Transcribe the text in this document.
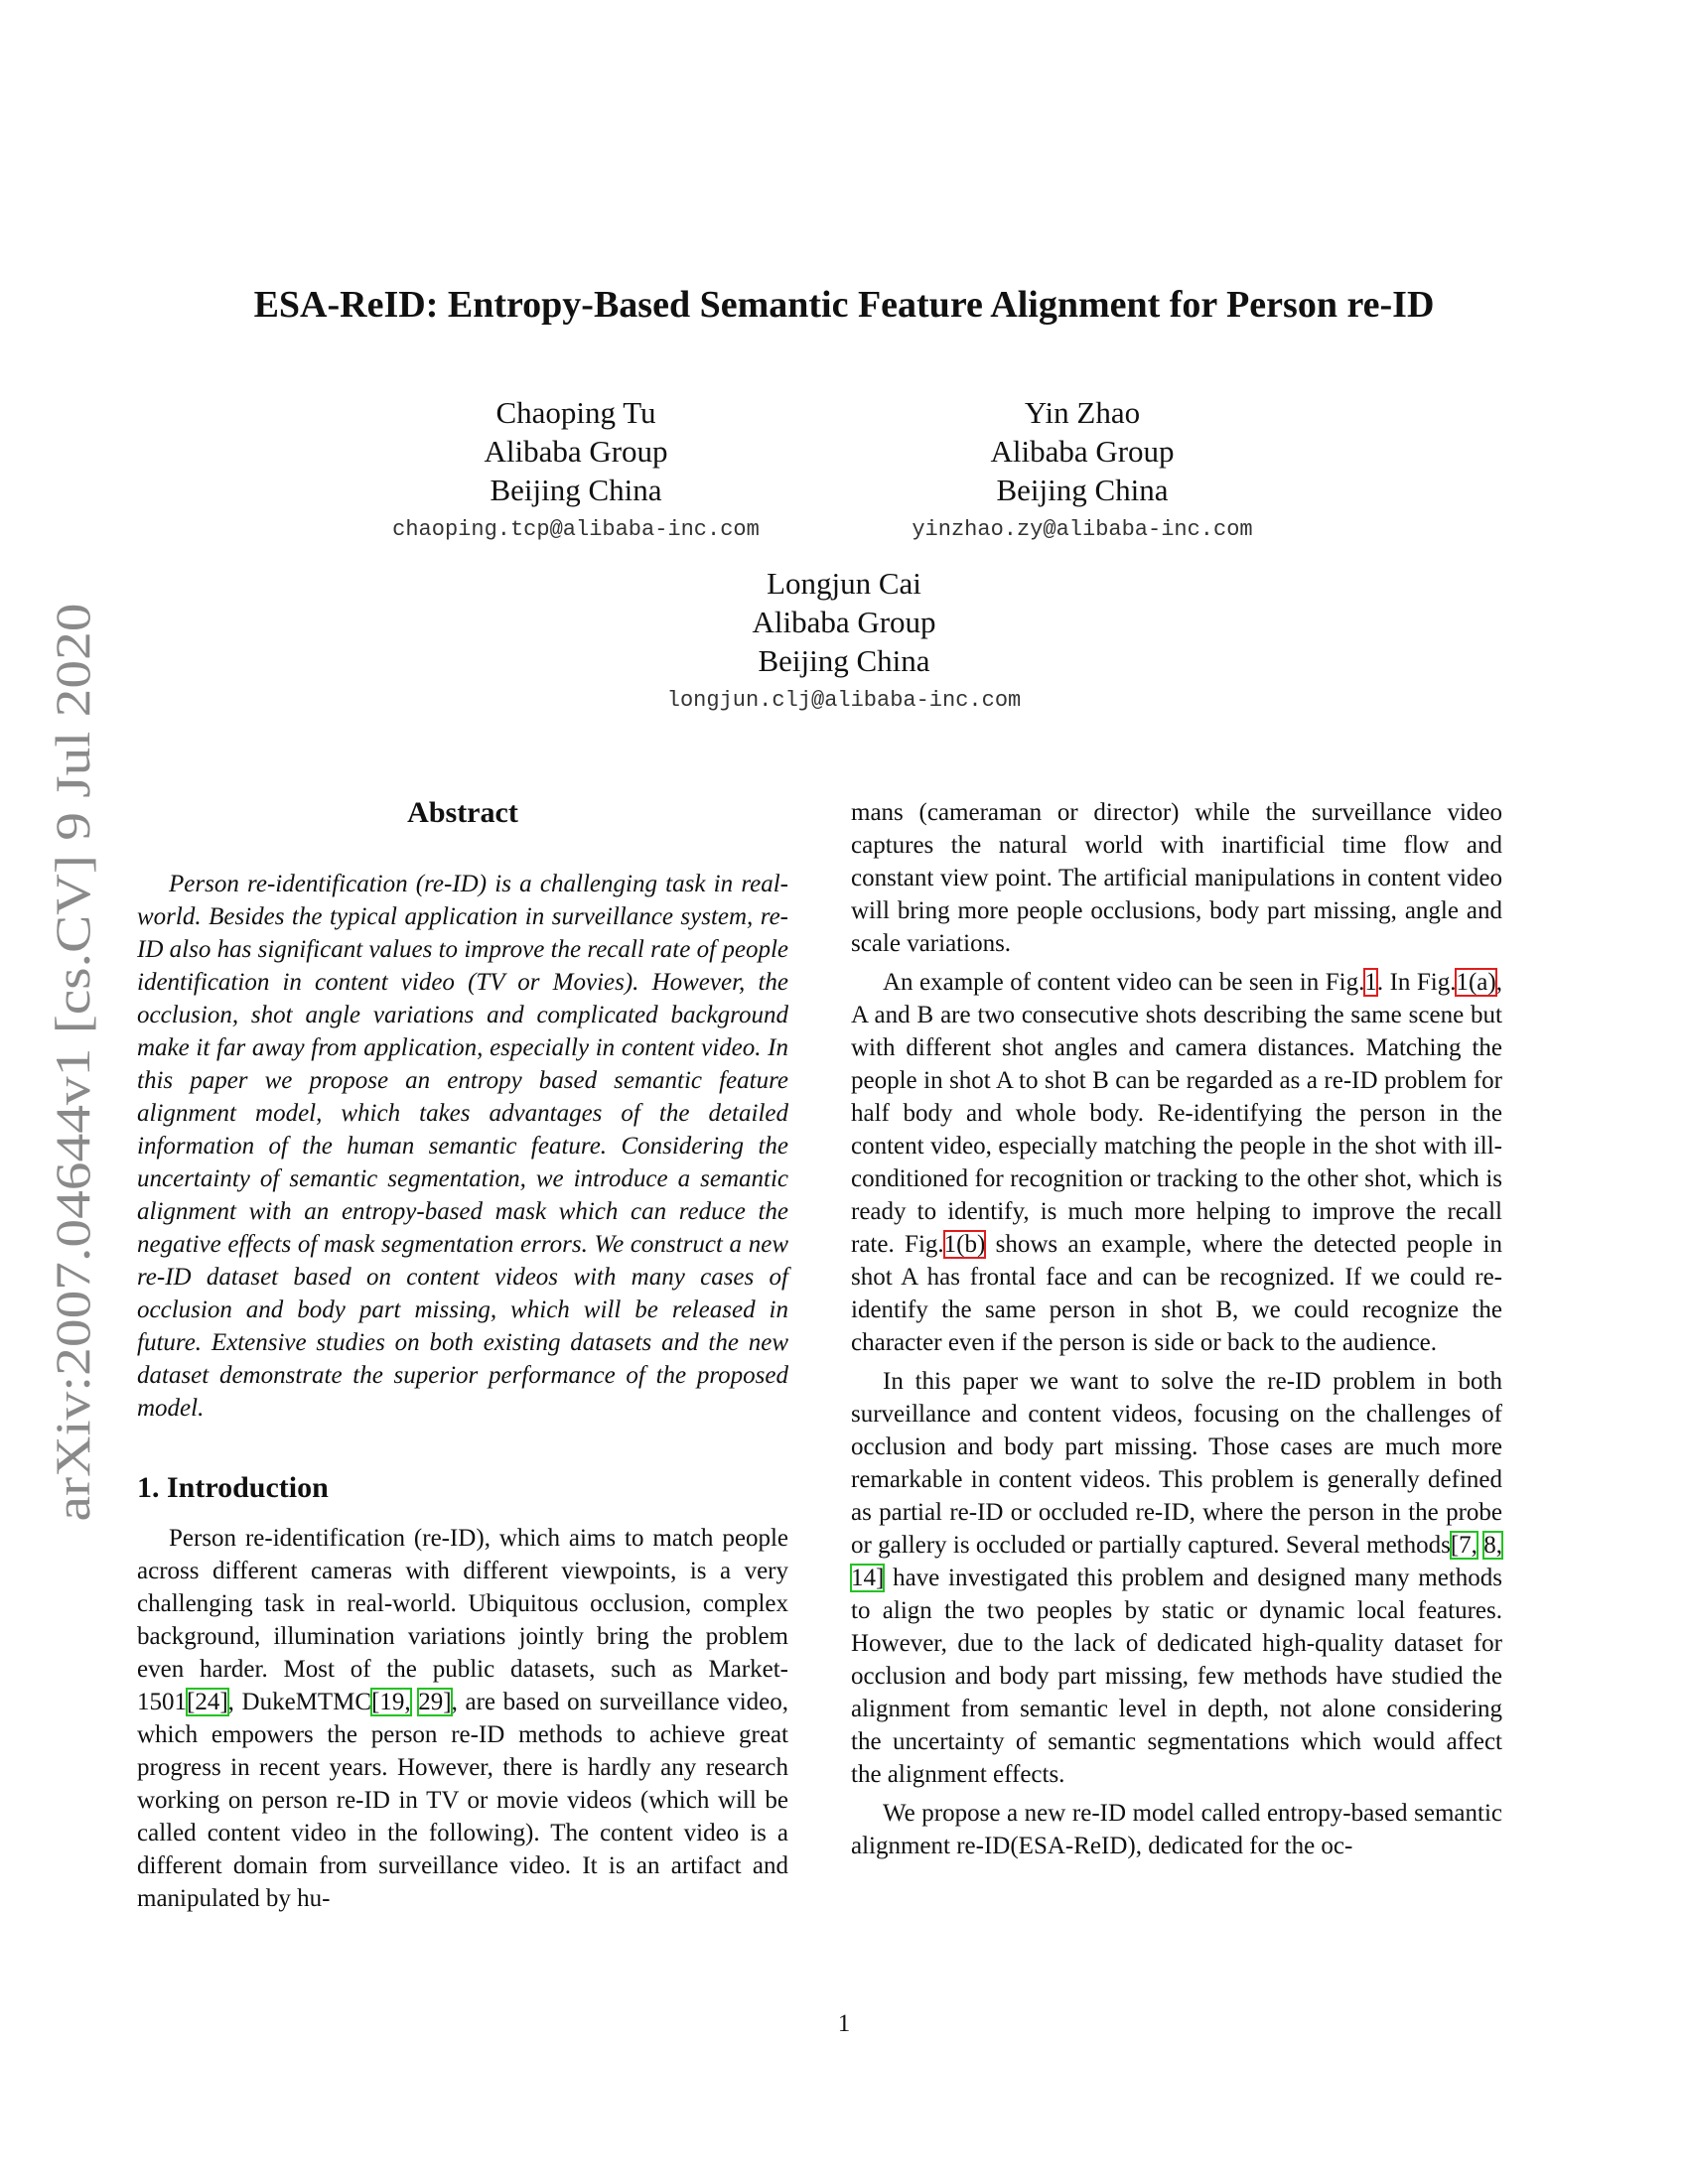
arXiv:2007.04644v1 [cs.CV] 9 Jul 2020
ESA-ReID: Entropy-Based Semantic Feature Alignment for Person re-ID
Chaoping Tu
Alibaba Group
Beijing China
chaoping.tcp@alibaba-inc.com
Yin Zhao
Alibaba Group
Beijing China
yinzhao.zy@alibaba-inc.com
Longjun Cai
Alibaba Group
Beijing China
longjun.clj@alibaba-inc.com
Abstract

Person re-identification (re-ID) is a challenging task in real-world. Besides the typical application in surveillance system, re-ID also has significant values to improve the recall rate of people identification in content video (TV or Movies). However, the occlusion, shot angle variations and complicated background make it far away from application, especially in content video. In this paper we propose an entropy based semantic feature alignment model, which takes advantages of the detailed information of the human semantic feature. Considering the uncertainty of semantic segmentation, we introduce a semantic alignment with an entropy-based mask which can reduce the negative effects of mask segmentation errors. We construct a new re-ID dataset based on content videos with many cases of occlusion and body part missing, which will be released in future. Extensive studies on both existing datasets and the new dataset demonstrate the superior performance of the proposed model.

1. Introduction

Person re-identification (re-ID), which aims to match people across different cameras with different viewpoints, is a very challenging task in real-world. Ubiquitous occlusion, complex background, illumination variations jointly bring the problem even harder. Most of the public datasets, such as Market-1501[24], DukeMTMC[19, 29], are based on surveillance video, which empowers the person re-ID methods to achieve great progress in recent years. However, there is hardly any research working on person re-ID in TV or movie videos (which will be called content video in the following). The content video is a different domain from surveillance video. It is an artifact and manipulated by hu-

mans (cameraman or director) while the surveillance video captures the natural world with inartificial time flow and constant view point. The artificial manipulations in content video will bring more people occlusions, body part missing, angle and scale variations.

An example of content video can be seen in Fig.1. In Fig.1(a), A and B are two consecutive shots describing the same scene but with different shot angles and camera distances. Matching the people in shot A to shot B can be regarded as a re-ID problem for half body and whole body. Re-identifying the person in the content video, especially matching the people in the shot with ill-conditioned for recognition or tracking to the other shot, which is ready to identify, is much more helping to improve the recall rate. Fig.1(b) shows an example, where the detected people in shot A has frontal face and can be recognized. If we could re-identify the same person in shot B, we could recognize the character even if the person is side or back to the audience.

In this paper we want to solve the re-ID problem in both surveillance and content videos, focusing on the challenges of occlusion and body part missing. Those cases are much more remarkable in content videos. This problem is generally defined as partial re-ID or occluded re-ID, where the person in the probe or gallery is occluded or partially captured. Several methods[7, 8, 14] have investigated this problem and designed many methods to align the two peoples by static or dynamic local features. However, due to the lack of dedicated high-quality dataset for occlusion and body part missing, few methods have studied the alignment from semantic level in depth, not alone considering the uncertainty of semantic segmentations which would affect the alignment effects.

We propose a new re-ID model called entropy-based semantic alignment re-ID(ESA-ReID), dedicated for the oc-

1
